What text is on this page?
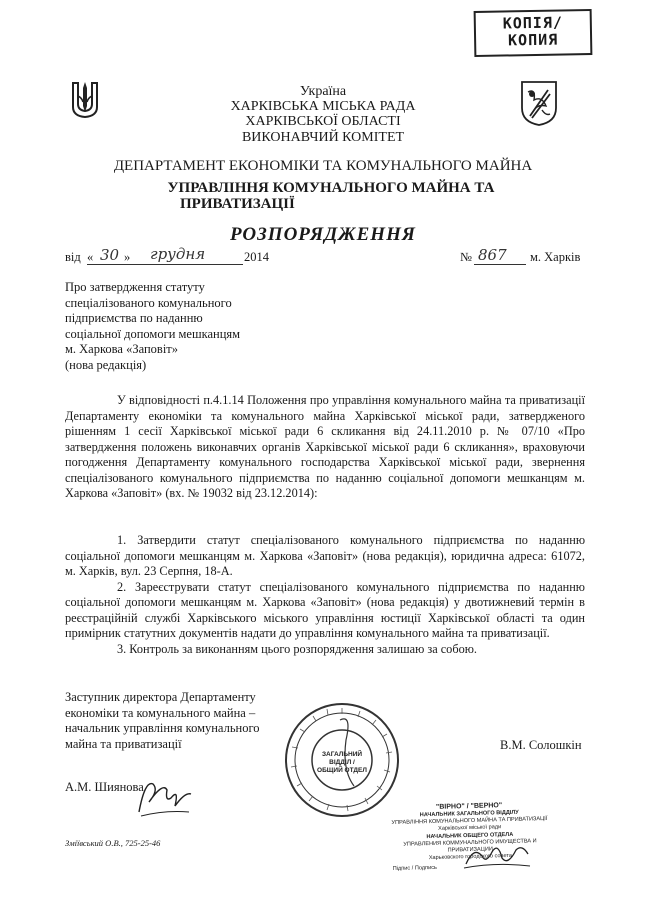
КОПІЯ/
КОПИЯ
Україна
ХАРКІВСЬКА МІСЬКА РАДА
ХАРКІВСЬКОЇ ОБЛАСТІ
ВИКОНАВЧИЙ КОМІТЕТ
ДЕПАРТАМЕНТ ЕКОНОМІКИ ТА КОМУНАЛЬНОГО МАЙНА
УПРАВЛІННЯ КОМУНАЛЬНОГО МАЙНА ТА
ПРИВАТИЗАЦІЇ
РОЗПОРЯДЖЕННЯ
від « 30 » грудня	2014	№ 867 м. Харків
Про затвердження статуту
спеціалізованого комунального
підприємства по наданню
соціальної допомоги мешканцям
м. Харкова «Заповіт»
(нова редакція)

У відповідності п.4.1.14 Положення про управління комунального майна та приватизації Департаменту економіки та комунального майна Харківської міської ради, затвердженого рішенням 1 сесії Харківської міської ради 6 скликання від 24.11.2010 р. № 07/10 «Про затвердження положень виконавчих органів Харківської міської ради 6 скликання», враховуючи погодження Департаменту комунального господарства Харківської міської ради, звернення спеціалізованого комунального підприємства по наданню соціальної допомоги мешканцям м. Харкова «Заповіт» (вх. № 19032 від 23.12.2014):

1. Затвердити статут спеціалізованого комунального підприємства по наданню соціальної допомоги мешканцям м. Харкова «Заповіт» (нова редакція), юридична адреса: 61072, м. Харків, вул. 23 Серпня, 18-А.

2. Зареєструвати статут спеціалізованого комунального підприємства по наданню соціальної допомоги мешканцям м. Харкова «Заповіт» (нова редакція) у двотижневий термін в реєстраційній службі Харківського міського управління юстиції Харківської області та один примірник статутних документів надати до управління комунального майна та приватизації.

3. Контроль за виконанням цього розпорядження залишаю за собою.

Заступник директора Департаменту
економіки та комунального майна –
начальник управління комунального
майна та приватизації	В.М. Солошкін
ЗАГАЛЬНИЙ
ВІДДІЛ /
ОБЩИЙ ОТДЕЛ
А.М. Шиянова
Зміївський О.В., 725-25-46
"ВІРНО" / "ВЕРНО"
НАЧАЛЬНИК ЗАГАЛЬНОГО ВІДДІЛУ
УПРАВЛІННЯ КОМУНАЛЬНОГО МАЙНА ТА ПРИВАТИЗАЦІЇ
Харківської міської ради
НАЧАЛЬНИК ОБЩЕГО ОТДЕЛА
УПРАВЛЕНИЯ КОММУНАЛЬНОГО ИМУЩЕСТВА И ПРИВАТИЗАЦИИ
Харьковского городского совета
Підпис / Подпись
